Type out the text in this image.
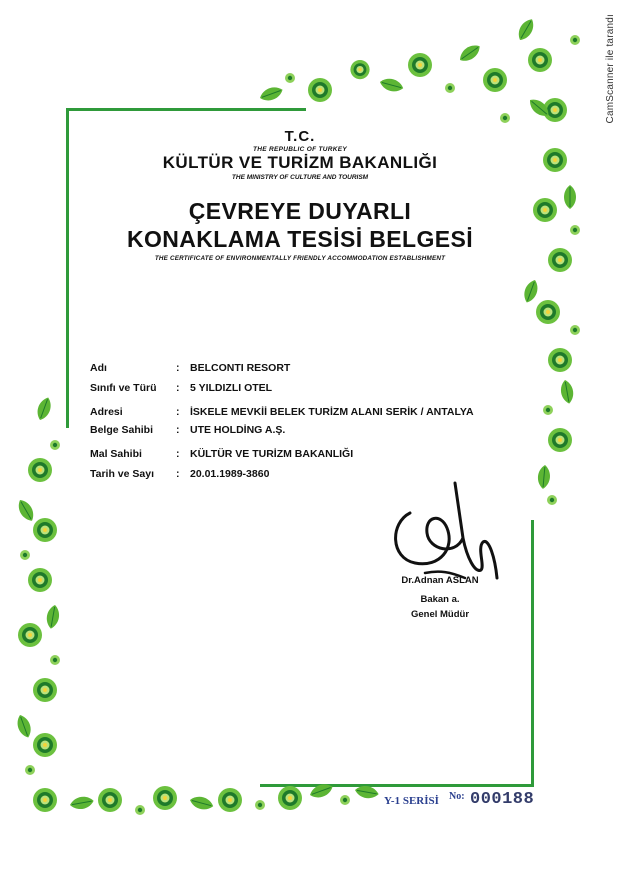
CamScanner ile tarandı
T.C.
THE REPUBLIC OF TURKEY
KÜLTÜR VE TURİZM BAKANLIĞI
THE MINISTRY OF CULTURE AND TOURISM
ÇEVREYE DUYARLI
KONAKLAMA TESİSİ BELGESİ
THE CERTIFICATE OF ENVIRONMENTALLY FRIENDLY ACCOMMODATION ESTABLISHMENT
Adı	:	BELCONTI RESORT
Sınıfı ve Türü	:	5 YILDIZLI OTEL
Adresi	:	İSKELE MEVKİİ BELEK TURİZM ALANI SERİK / ANTALYA
Belge Sahibi	:	UTE HOLDİNG A.Ş.
Mal Sahibi	:	KÜLTÜR VE TURİZM BAKANLIĞI
Tarih ve Sayı	:	20.01.1989-3860
Dr.Adnan ASLAN
Bakan a.
Genel Müdür
Y-1 SERİSİ No: 000188
